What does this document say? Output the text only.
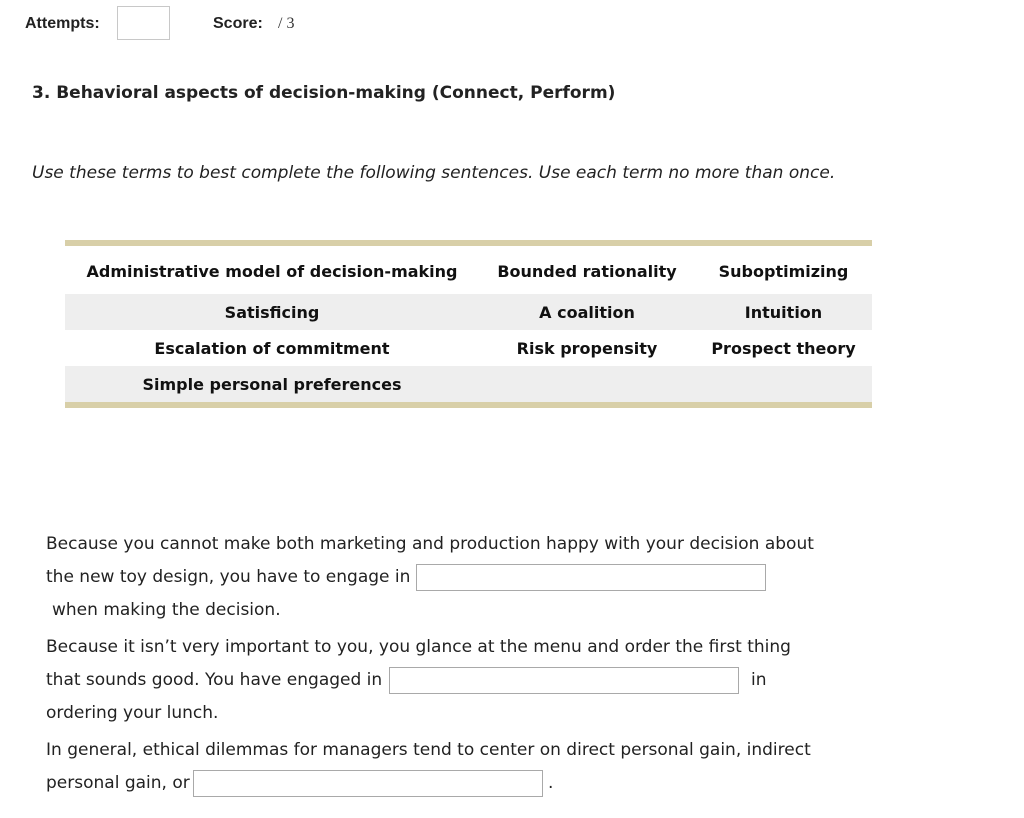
Attempts:	Score: / 3
3. Behavioral aspects of decision-making (Connect, Perform)
Use these terms to best complete the following sentences. Use each term no more than once.
Administrative model of decision-making	Bounded rationality	Suboptimizing
Satisficing	A coalition	Intuition
Escalation of commitment	Risk propensity	Prospect theory
Simple personal preferences		
Because you cannot make both marketing and production happy with your decision about
the new toy design, you have to engage in
when making the decision.
Because it isn’t very important to you, you glance at the menu and order the first thing
that sounds good. You have engaged in	in
ordering your lunch.
In general, ethical dilemmas for managers tend to center on direct personal gain, indirect
personal gain, or	.
